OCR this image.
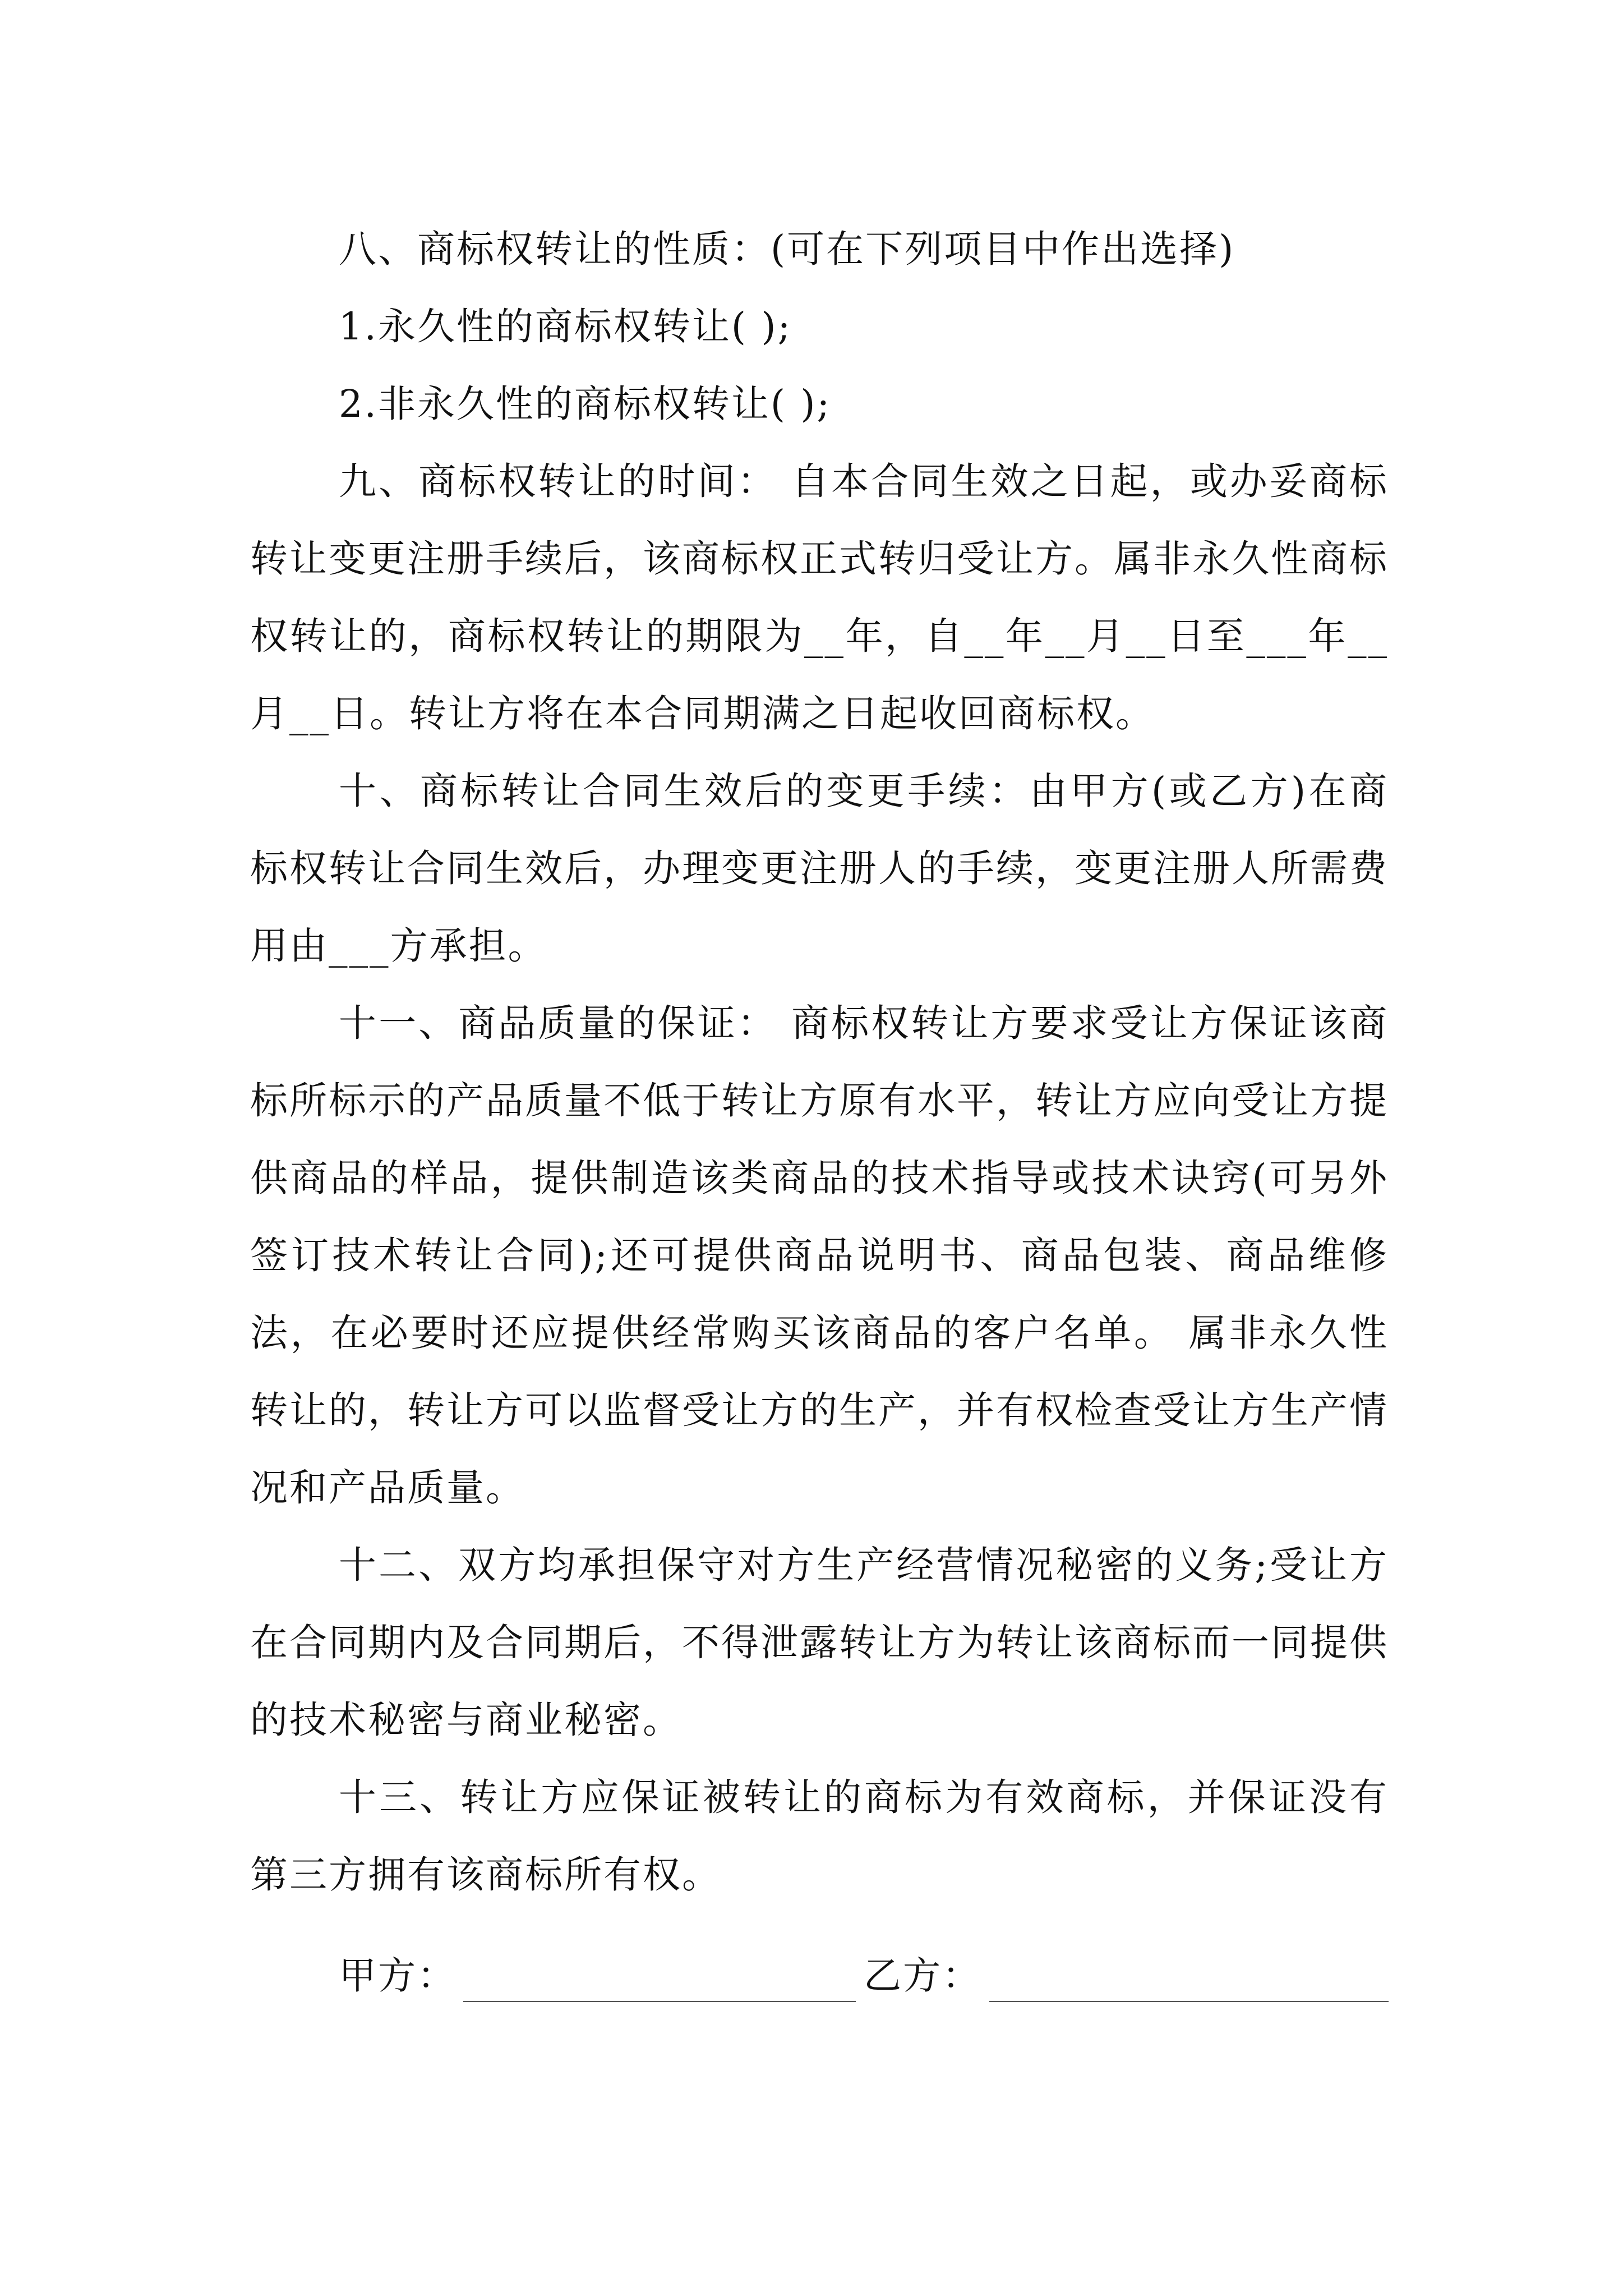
八、商标权转让的性质：(可在下列项目中作出选择)

1.永久性的商标权转让( );

2.非永久性的商标权转让( );

九、商标权转让的时间： 自本合同生效之日起，或办妥商标转让变更注册手续后，该商标权正式转归受让方。属非永久性商标权转让的，商标权转让的期限为__年，自__年__月__日至___年__月__日。转让方将在本合同期满之日起收回商标权。

十、商标转让合同生效后的变更手续：由甲方(或乙方)在商标权转让合同生效后，办理变更注册人的手续，变更注册人所需费用由___方承担。

十一、商品质量的保证： 商标权转让方要求受让方保证该商标所标示的产品质量不低于转让方原有水平，转让方应向受让方提供商品的样品，提供制造该类商品的技术指导或技术诀窍(可另外签订技术转让合同);还可提供商品说明书、商品包装、商品维修法，在必要时还应提供经常购买该商品的客户名单。 属非永久性转让的，转让方可以监督受让方的生产，并有权检查受让方生产情况和产品质量。

十二、双方均承担保守对方生产经营情况秘密的义务;受让方在合同期内及合同期后，不得泄露转让方为转让该商标而一同提供的技术秘密与商业秘密。

十三、转让方应保证被转让的商标为有效商标，并保证没有第三方拥有该商标所有权。

甲方：	乙方：
